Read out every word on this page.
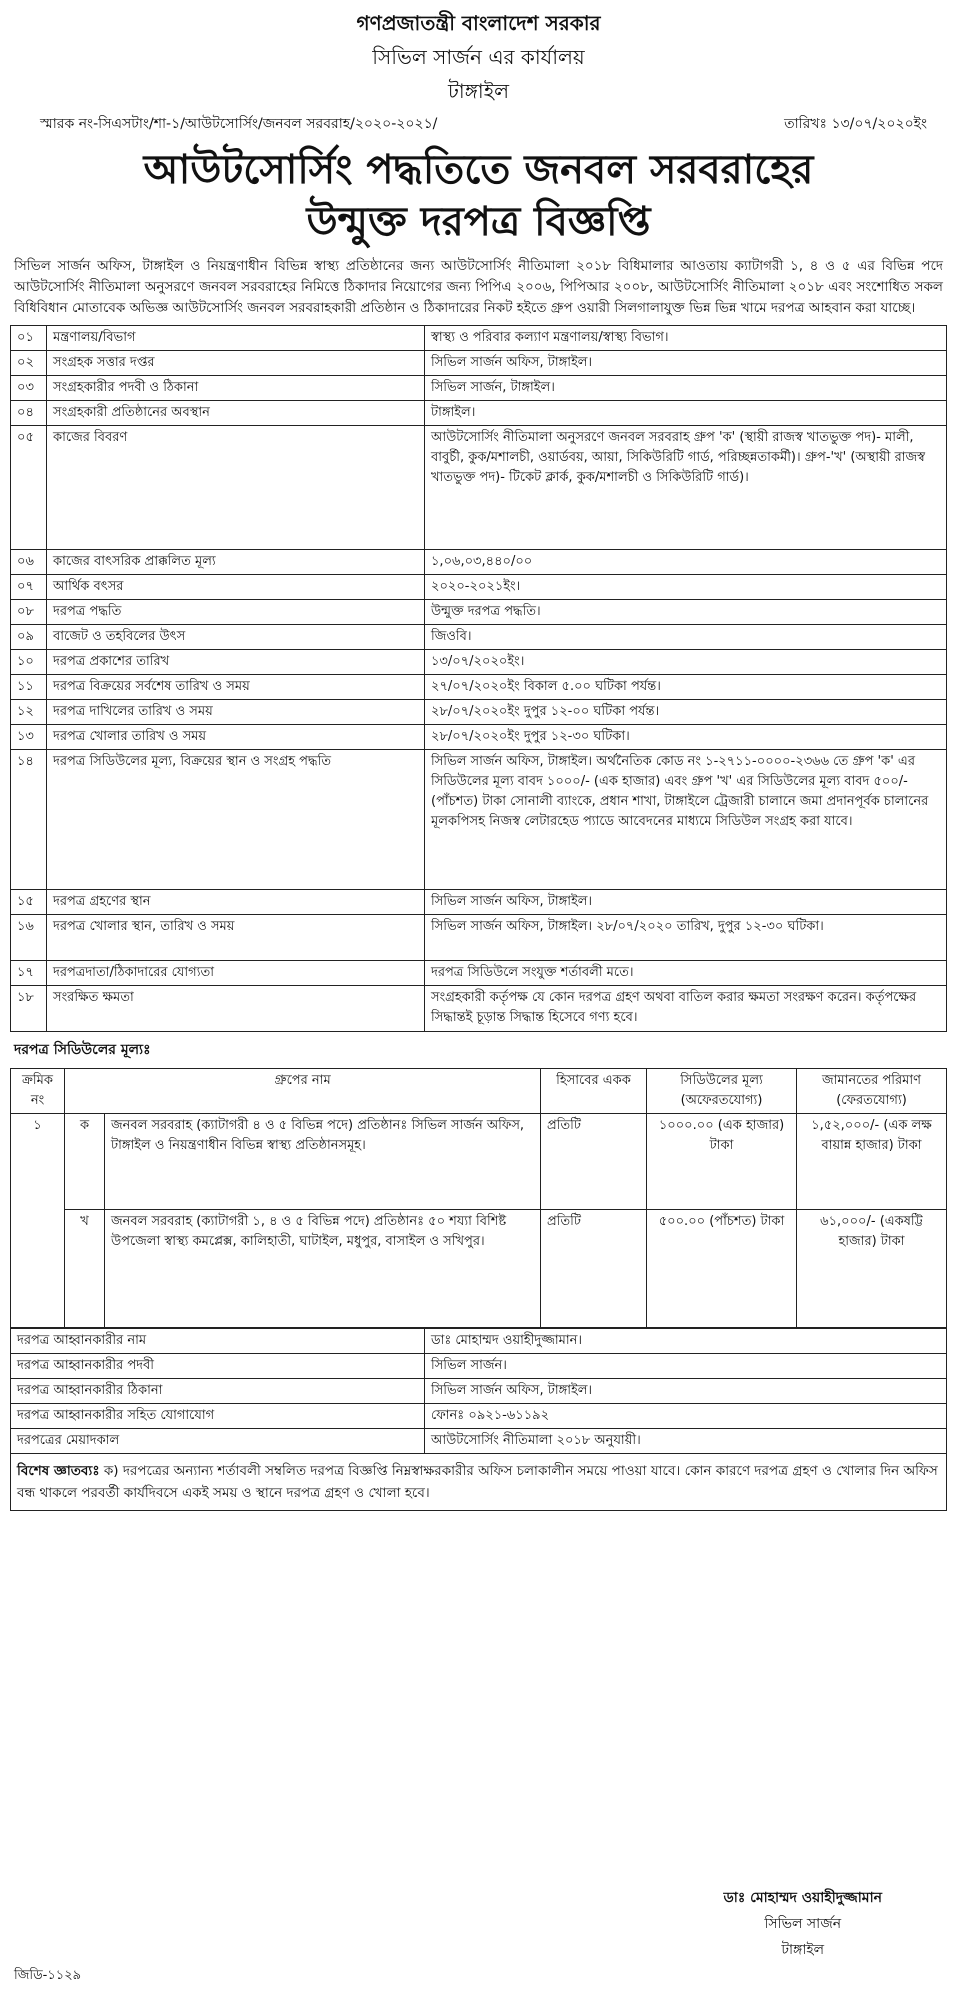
গণপ্রজাতন্ত্রী বাংলাদেশ সরকার
সিভিল সার্জন এর কার্যালয়
টাঙ্গাইল
স্মারক নং-সিএসটাং/শা-১/আউটসোর্সিং/জনবল সরবরাহ/২০২০-২০২১/	তারিখঃ ১৩/০৭/২০২০ইং
আউটসোর্সিং পদ্ধতিতে জনবল সরবরাহের
উন্মুক্ত দরপত্র বিজ্ঞপ্তি

সিভিল সার্জন অফিস, টাঙ্গাইল ও নিয়ন্ত্রণাধীন বিভিন্ন স্বাস্থ্য প্রতিষ্ঠানের জন্য আউটসোর্সিং নীতিমালা ২০১৮ বিধিমালার আওতায় ক্যাটাগরী ১, ৪ ও ৫ এর বিভিন্ন পদে আউটসোর্সিং নীতিমালা অনুসরণে জনবল সরবরাহের নিমিত্তে ঠিকাদার নিয়োগের জন্য পিপিএ ২০০৬, পিপিআর ২০০৮, আউটসোর্সিং নীতিমালা ২০১৮ এবং সংশোধিত সকল বিধিবিধান মোতাবেক অভিজ্ঞ আউটসোর্সিং জনবল সরবরাহকারী প্রতিষ্ঠান ও ঠিকাদারের নিকট হইতে গ্রুপ ওয়ারী সিলগালাযুক্ত ভিন্ন ভিন্ন খামে দরপত্র আহবান করা যাচ্ছে।

০১	মন্ত্রণালয়/বিভাগ	স্বাস্থ্য ও পরিবার কল্যাণ মন্ত্রণালয়/স্বাস্থ্য বিভাগ।
০২	সংগ্রহক সত্তার দপ্তর	সিভিল সার্জন অফিস, টাঙ্গাইল।
০৩	সংগ্রহকারীর পদবী ও ঠিকানা	সিভিল সার্জন, টাঙ্গাইল।
০৪	সংগ্রহকারী প্রতিষ্ঠানের অবস্থান	টাঙ্গাইল।
০৫	কাজের বিবরণ	আউটসোর্সিং নীতিমালা অনুসরণে জনবল সরবরাহ গ্রুপ 'ক' (স্থায়ী রাজস্ব খাতভুক্ত পদ)- মালী, বাবুর্চী, কুক/মশালচী, ওয়ার্ডবয়, আয়া, সিকিউরিটি গার্ড, পরিচ্ছন্নতাকর্মী)। গ্রুপ-'খ' (অস্থায়ী রাজস্ব খাতভুক্ত পদ)- টিকেট ক্লার্ক, কুক/মশালচী ও সিকিউরিটি গার্ড)।
০৬	কাজের বাৎসরিক প্রাক্কলিত মূল্য	১,০৬,০৩,৪৪০/০০
০৭	আর্থিক বৎসর	২০২০-২০২১ইং।
০৮	দরপত্র পদ্ধতি	উন্মুক্ত দরপত্র পদ্ধতি।
০৯	বাজেট ও তহবিলের উৎস	জিওবি।
১০	দরপত্র প্রকাশের তারিখ	১৩/০৭/২০২০ইং।
১১	দরপত্র বিক্রয়ের সর্বশেষ তারিখ ও সময়	২৭/০৭/২০২০ইং বিকাল ৫.০০ ঘটিকা পর্যন্ত।
১২	দরপত্র দাখিলের তারিখ ও সময়	২৮/০৭/২০২০ইং দুপুর ১২-০০ ঘটিকা পর্যন্ত।
১৩	দরপত্র খোলার তারিখ ও সময়	২৮/০৭/২০২০ইং দুপুর ১২-৩০ ঘটিকা।
১৪	দরপত্র সিডিউলের মূল্য, বিক্রয়ের স্থান ও সংগ্রহ পদ্ধতি	সিভিল সার্জন অফিস, টাঙ্গাইল। অর্থনৈতিক কোড নং ১-২৭১১-০০০০-২৩৬৬ তে গ্রুপ 'ক' এর সিডিউলের মূল্য বাবদ ১০০০/- (এক হাজার) এবং গ্রুপ 'খ' এর সিডিউলের মূল্য বাবদ ৫০০/- (পাঁচশত) টাকা সোনালী ব্যাংকে, প্রধান শাখা, টাঙ্গাইলে ট্রেজারী চালানে জমা প্রদানপূর্বক চালানের মূলকপিসহ নিজস্ব লেটারহেড প্যাডে আবেদনের মাধ্যমে সিডিউল সংগ্রহ করা যাবে।
১৫	দরপত্র গ্রহণের স্থান	সিভিল সার্জন অফিস, টাঙ্গাইল।
১৬	দরপত্র খোলার স্থান, তারিখ ও সময়	সিভিল সার্জন অফিস, টাঙ্গাইল। ২৮/০৭/২০২০ তারিখ, দুপুর ১২-৩০ ঘটিকা।
১৭	দরপত্রদাতা/ঠিকাদারের যোগ্যতা	দরপত্র সিডিউলে সংযুক্ত শর্তাবলী মতে।
১৮	সংরক্ষিত ক্ষমতা	সংগ্রহকারী কর্তৃপক্ষ যে কোন দরপত্র গ্রহণ অথবা বাতিল করার ক্ষমতা সংরক্ষণ করেন। কর্তৃপক্ষের সিদ্ধান্তই চূড়ান্ত সিদ্ধান্ত হিসেবে গণ্য হবে।
দরপত্র সিডিউলের মূল্যঃ
ক্রমিক নং	গ্রুপের নাম		হিসাবের একক	সিডিউলের মূল্য (অফেরতযোগ্য)	জামানতের পরিমাণ (ফেরতযোগ্য)
১	ক	জনবল সরবরাহ (ক্যাটাগরী ৪ ও ৫ বিভিন্ন পদে) প্রতিষ্ঠানঃ সিভিল সার্জন অফিস, টাঙ্গাইল ও নিয়ন্ত্রণাধীন বিভিন্ন স্বাস্থ্য প্রতিষ্ঠানসমূহ।	প্রতিটি	১০০০.০০ (এক হাজার) টাকা	১,৫২,০০০/- (এক লক্ষ বায়ান্ন হাজার) টাকা
	খ	জনবল সরবরাহ (ক্যাটাগরী ১, ৪ ও ৫ বিভিন্ন পদে) প্রতিষ্ঠানঃ ৫০ শয্যা বিশিষ্ট উপজেলা স্বাস্থ্য কমপ্লেক্স, কালিহাতী, ঘাটাইল, মধুপুর, বাসাইল ও সখিপুর।	প্রতিটি	৫০০.০০ (পাঁচশত) টাকা	৬১,০০০/- (একষট্টি হাজার) টাকা
দরপত্র আহ্বানকারীর নাম	ডাঃ মোহাম্মদ ওয়াহীদুজ্জামান।
দরপত্র আহ্বানকারীর পদবী	সিভিল সার্জন।
দরপত্র আহ্বানকারীর ঠিকানা	সিভিল সার্জন অফিস, টাঙ্গাইল।
দরপত্র আহ্বানকারীর সহিত যোগাযোগ	ফোনঃ ০৯২১-৬১১৯২
দরপত্রের মেয়াদকাল	আউটসোর্সিং নীতিমালা ২০১৮ অনুযায়ী।
বিশেষ জ্ঞাতব্যঃ ক) দরপত্রের অন্যান্য শর্তাবলী সম্বলিত দরপত্র বিজ্ঞপ্তি নিম্নস্বাক্ষরকারীর অফিস চলাকালীন সময়ে পাওয়া যাবে। কোন কারণে দরপত্র গ্রহণ ও খোলার দিন অফিস বন্ধ থাকলে পরবর্তী কার্যদিবসে একই সময় ও স্থানে দরপত্র গ্রহণ ও খোলা হবে।
ডাঃ মোহাম্মদ ওয়াহীদুজ্জামান
সিভিল সার্জন
টাঙ্গাইল
জিডি-১১২৯
